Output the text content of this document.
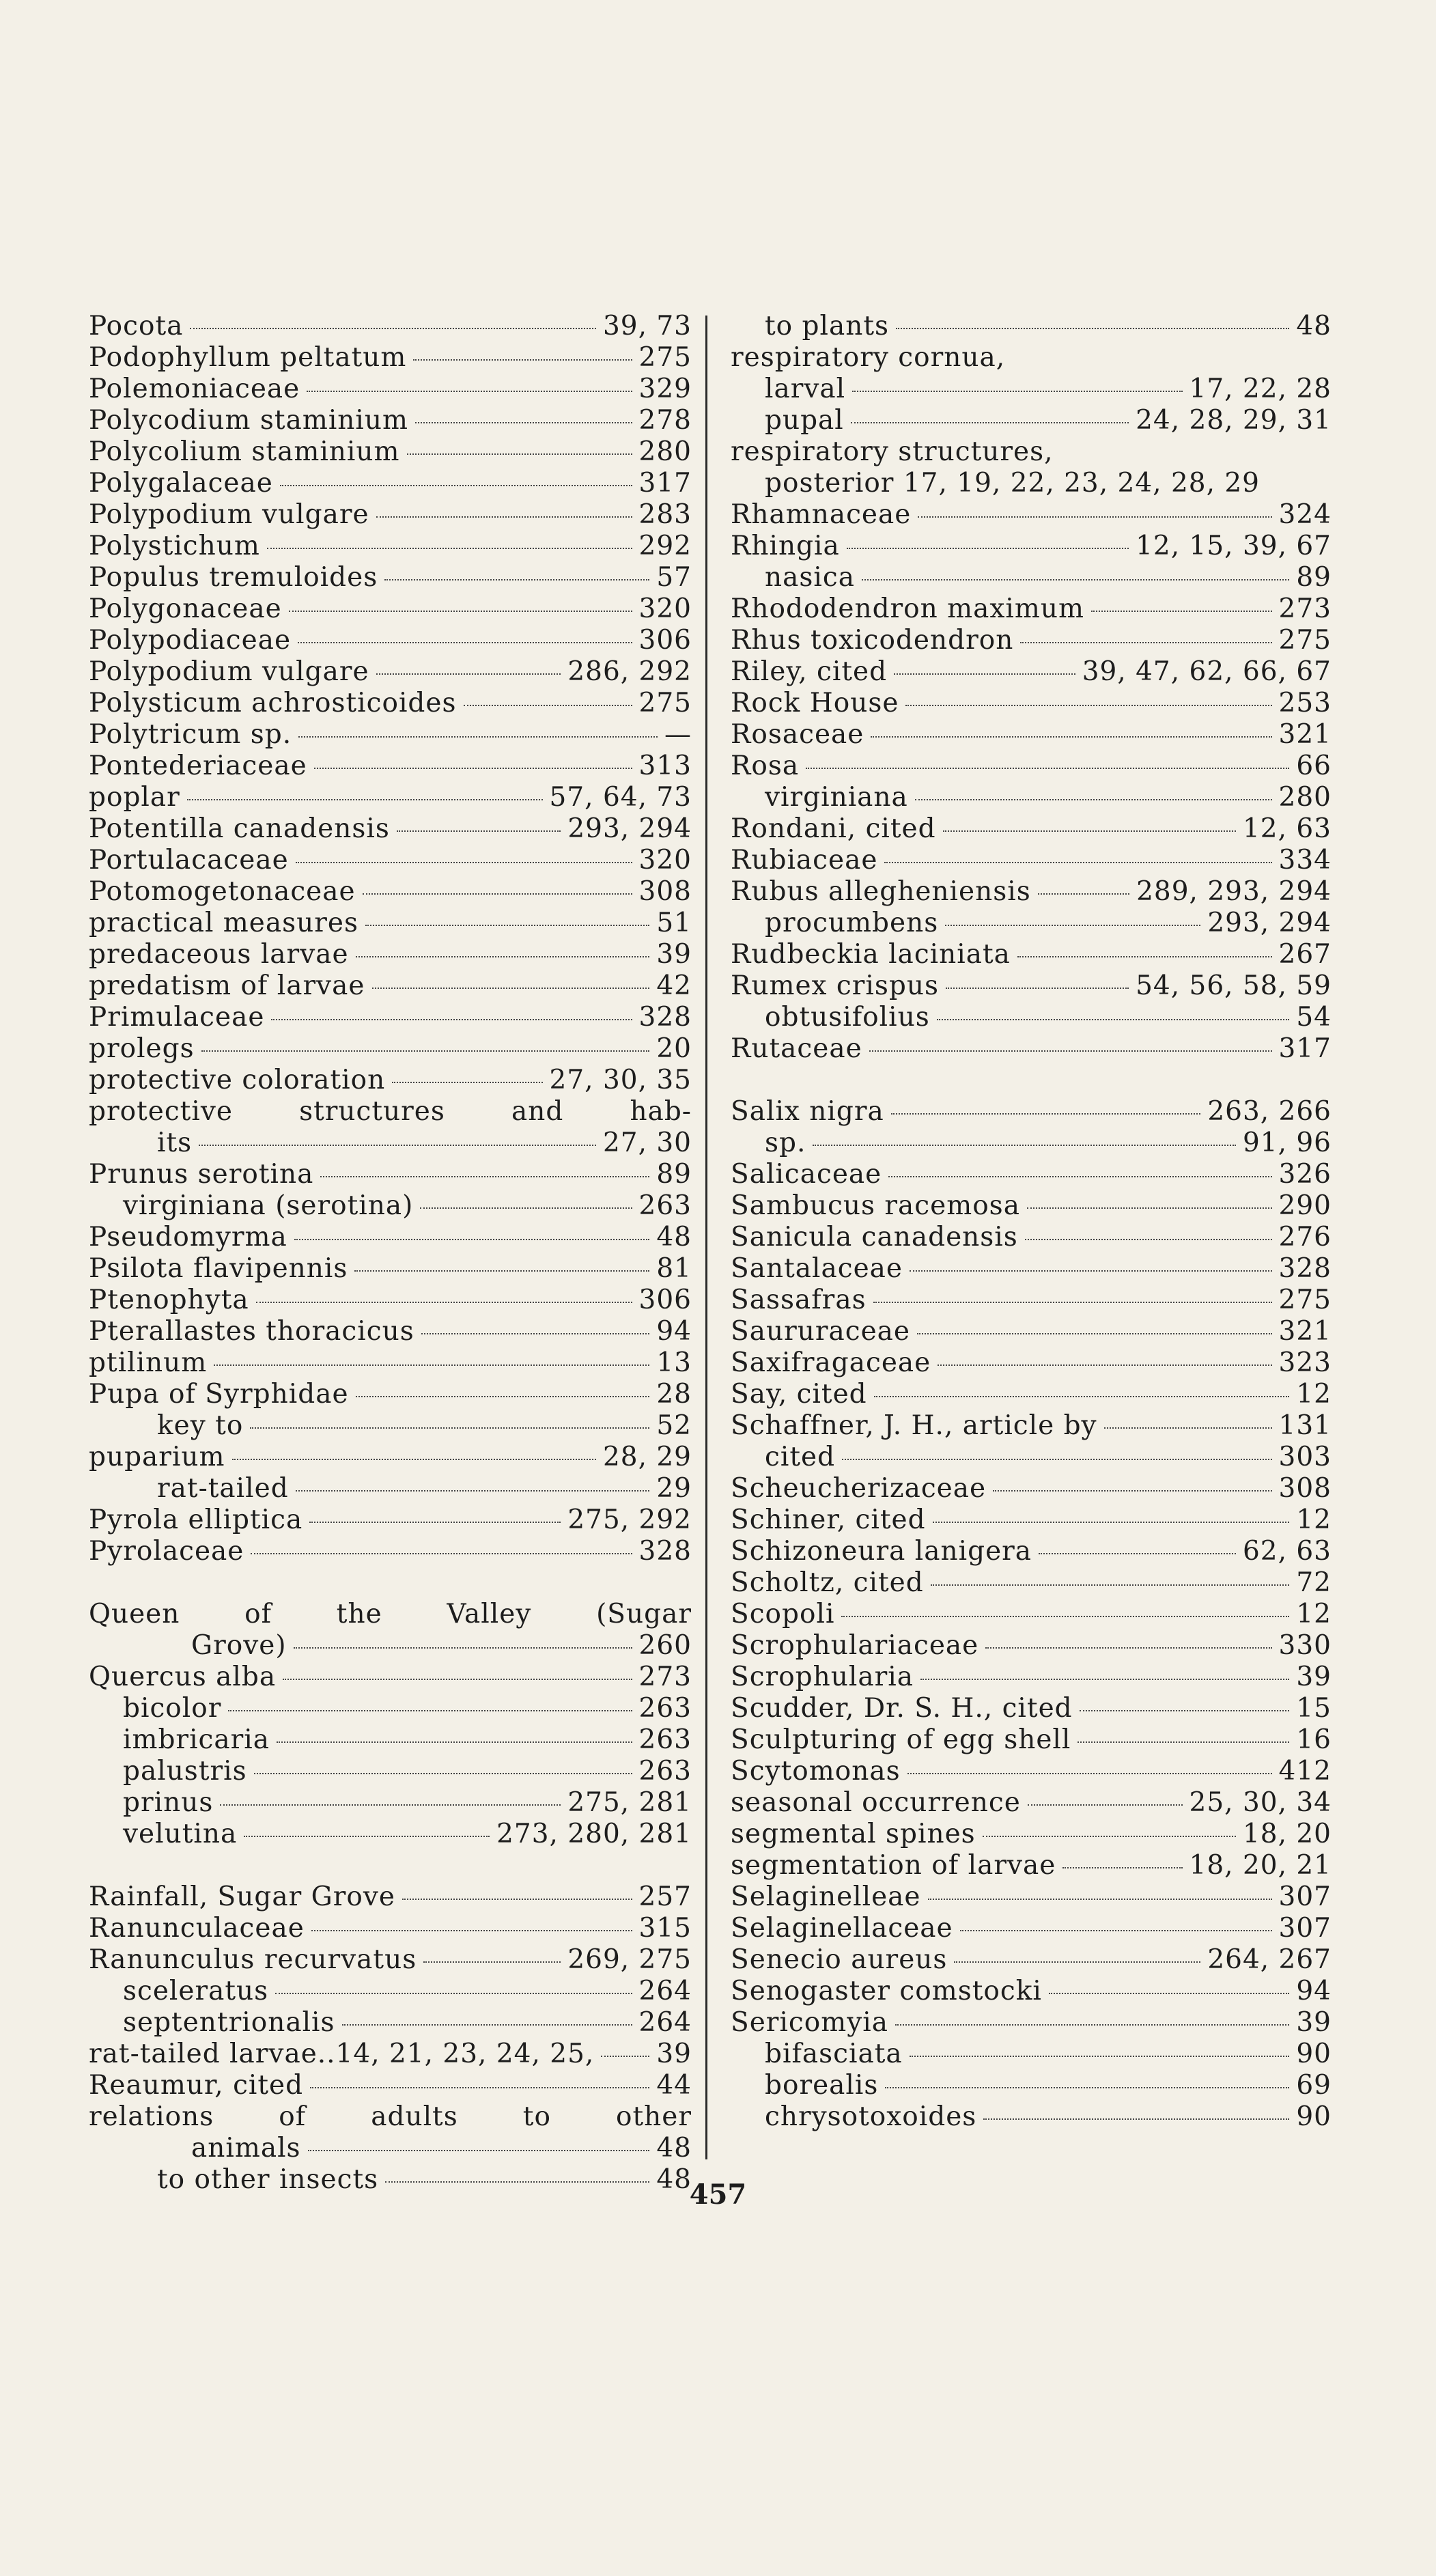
Pocota	39, 73
Podophyllum peltatum	275
Polemoniaceae	329
Polycodium staminium	278
Polycolium staminium	280
Polygalaceae	317
Polypodium vulgare	283
Polystichum	292
Populus tremuloides	57
Polygonaceae	320
Polypodiaceae	306
Polypodium vulgare	286, 292
Polysticum achrosticoides	275
Polytricum sp.	—
Pontederiaceae	313
poplar	57, 64, 73
Potentilla canadensis	293, 294
Portulacaceae	320
Potomogetonaceae	308
practical measures	51
predaceous larvae	39
predatism of larvae	42
Primulaceae	328
prolegs	20
protective coloration	27, 30, 35
protective structures and hab-
its	27, 30
Prunus serotina	89
virginiana (serotina)	263
Pseudomyrma	48
Psilota flavipennis	81
Ptenophyta	306
Pterallastes thoracicus	94
ptilinum	13
Pupa of Syrphidae	28
key to	52
puparium	28, 29
rat-tailed	29
Pyrola elliptica	275, 292
Pyrolaceae	328
Queen of the Valley (Sugar
Grove)	260
Quercus alba	273
bicolor	263
imbricaria	263
palustris	263
prinus	275, 281
velutina	273, 280, 281
Rainfall, Sugar Grove	257
Ranunculaceae	315
Ranunculus recurvatus	269, 275
sceleratus	264
septentrionalis	264
rat-tailed larvae..14, 21, 23, 24, 25, 39
Reaumur, cited	44
relations of adults to other
animals	48
to other insects	48
to plants	48
respiratory cornua,
larval	17, 22, 28
pupal	24, 28, 29, 31
respiratory structures,
posterior 17, 19, 22, 23, 24, 28, 29
Rhamnaceae	324
Rhingia	12, 15, 39, 67
nasica	89
Rhododendron maximum	273
Rhus toxicodendron	275
Riley, cited	39, 47, 62, 66, 67
Rock House	253
Rosaceae	321
Rosa	66
virginiana	280
Rondani, cited	12, 63
Rubiaceae	334
Rubus allegheniensis	289, 293, 294
procumbens	293, 294
Rudbeckia laciniata	267
Rumex crispus	54, 56, 58, 59
obtusifolius	54
Rutaceae	317
Salix nigra	263, 266
sp.	91, 96
Salicaceae	326
Sambucus racemosa	290
Sanicula canadensis	276
Santalaceae	328
Sassafras	275
Saururaceae	321
Saxifragaceae	323
Say, cited	12
Schaffner, J. H., article by	131
cited	303
Scheucherizaceae	308
Schiner, cited	12
Schizoneura lanigera	62, 63
Scholtz, cited	72
Scopoli	12
Scrophulariaceae	330
Scrophularia	39
Scudder, Dr. S. H., cited	15
Sculpturing of egg shell	16
Scytomonas	412
seasonal occurrence	25, 30, 34
segmental spines	18, 20
segmentation of larvae	18, 20, 21
Selaginelleae	307
Selaginellaceae	307
Senecio aureus	264, 267
Senogaster comstocki	94
Sericomyia	39
bifasciata	90
borealis	69
chrysotoxoides	90
457
